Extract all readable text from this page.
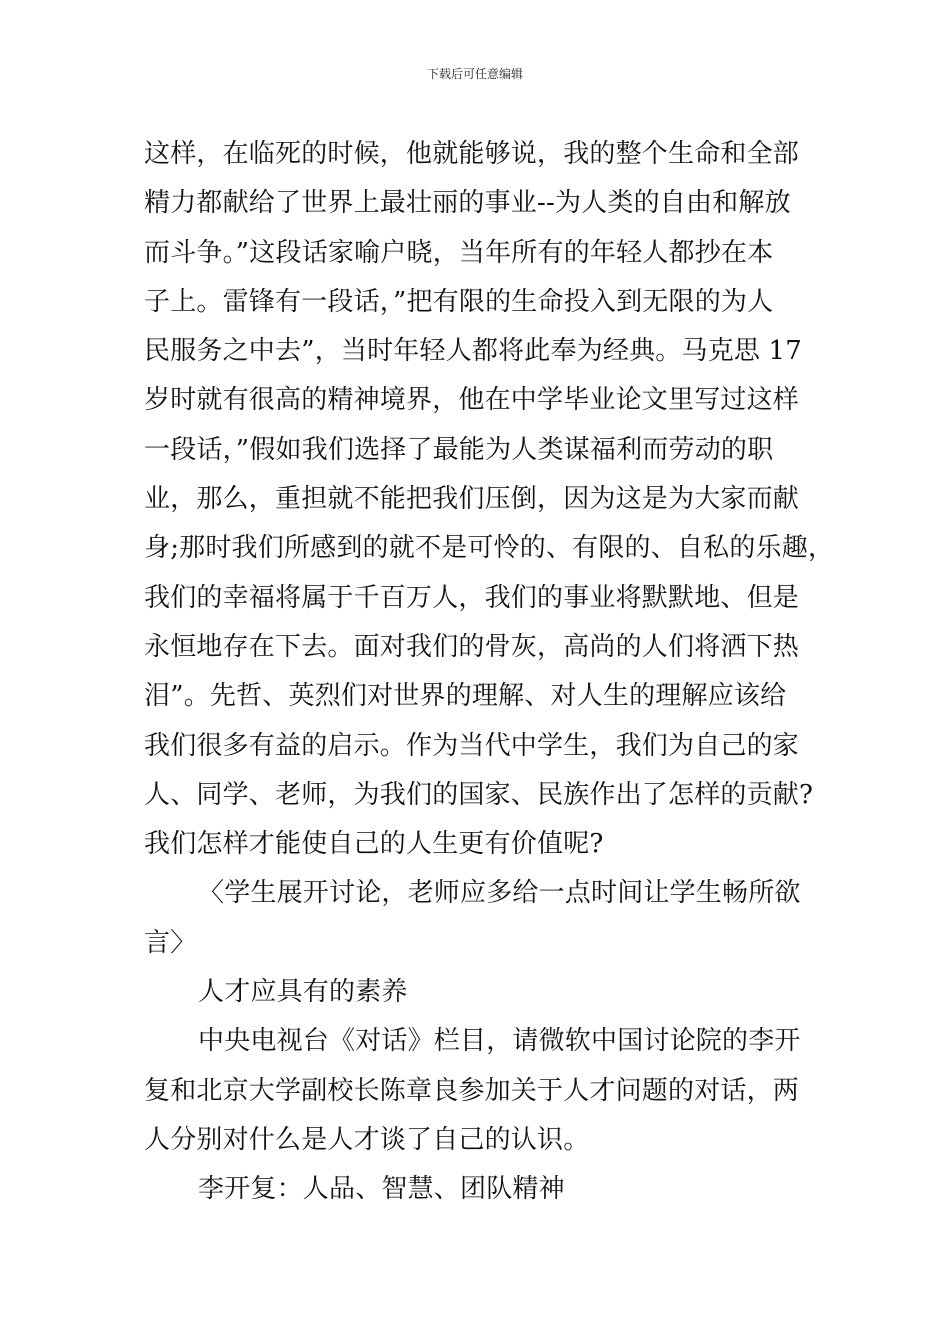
下载后可任意编辑
这样，在临死的时候，他就能够说，我的整个生命和全部
精力都献给了世界上最壮丽的事业--为人类的自由和解放
而斗争。”这段话家喻户晓，当年所有的年轻人都抄在本
子上。雷锋有一段话，”把有限的生命投入到无限的为人
民服务之中去”，当时年轻人都将此奉为经典。马克思 17
岁时就有很高的精神境界，他在中学毕业论文里写过这样
一段话，”假如我们选择了最能为人类谋福利而劳动的职
业，那么，重担就不能把我们压倒，因为这是为大家而献
身;那时我们所感到的就不是可怜的、有限的、自私的乐趣，
我们的幸福将属于千百万人，我们的事业将默默地、但是
永恒地存在下去。面对我们的骨灰，高尚的人们将洒下热
泪”。先哲、英烈们对世界的理解、对人生的理解应该给
我们很多有益的启示。作为当代中学生，我们为自己的家
人、同学、老师，为我们的国家、民族作出了怎样的贡献?
我们怎样才能使自己的人生更有价值呢?
〈学生展开讨论，老师应多给一点时间让学生畅所欲
言〉
人才应具有的素养
中央电视台《对话》栏目，请微软中国讨论院的李开
复和北京大学副校长陈章良参加关于人才问题的对话，两
人分别对什么是人才谈了自己的认识。
李开复：人品、智慧、团队精神
